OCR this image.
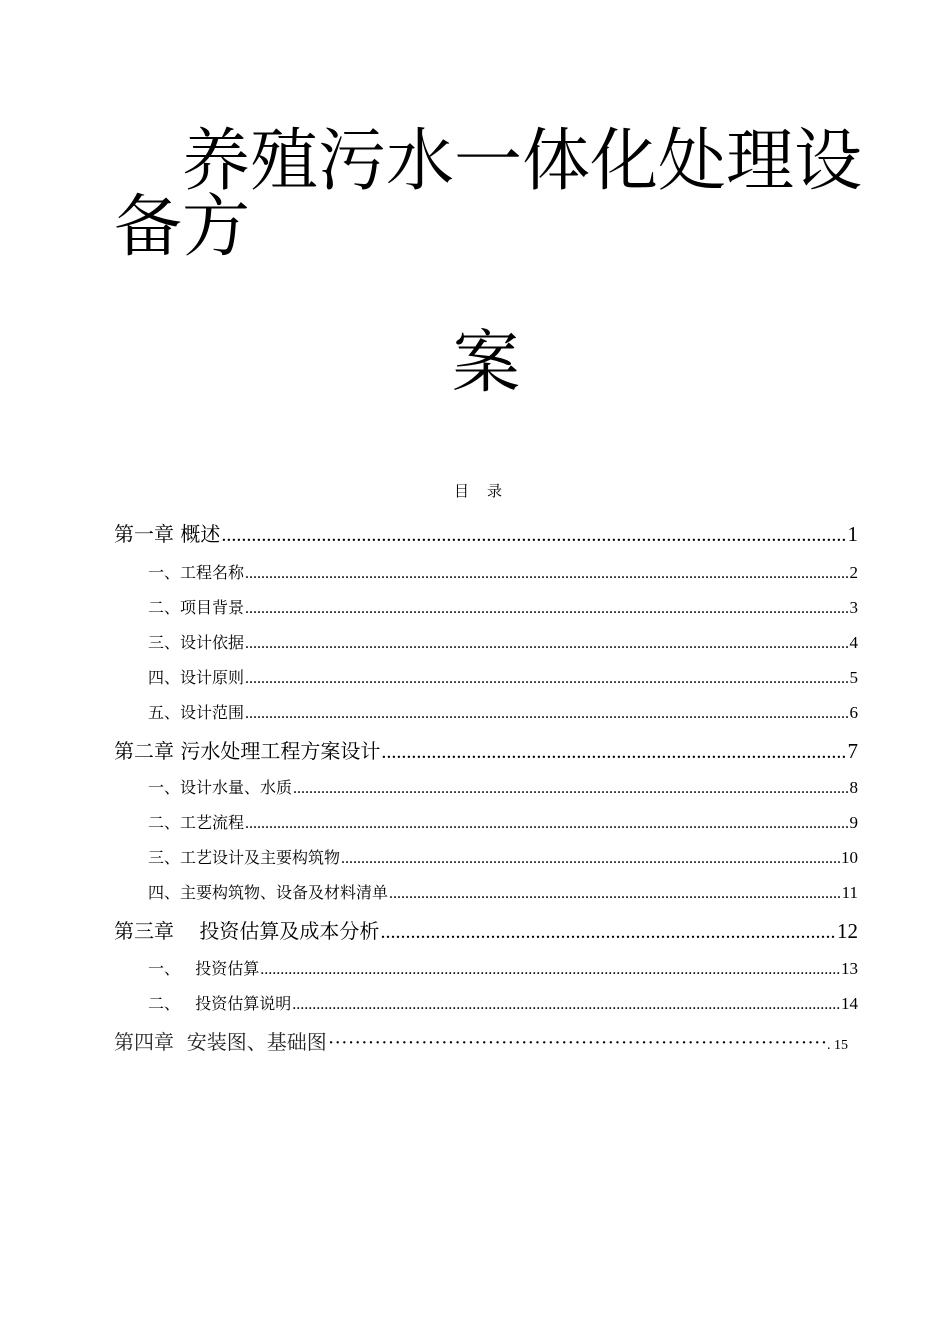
养殖污水一体化处理设
备方
案
目录
第一章 概述 .....	1
一、工程名称 .....	2
二、项目背景 .....	3
三、设计依据 .....	4
四、设计原则 .....	5
五、设计范围 .....	6
第二章 污水处理工程方案设计 .....	7
一、设计水量、水质 .....	8
二、工艺流程 .....	9
三、工艺设计及主要构筑物 .....	10
四、主要构筑物、设备及材料清单 .....	11
第三章    投资估算及成本分析 .....	12
一、   投资估算 .....	13
二、   投资估算说明 .....	14
第四章  安装图、基础图 ·····	. 15
